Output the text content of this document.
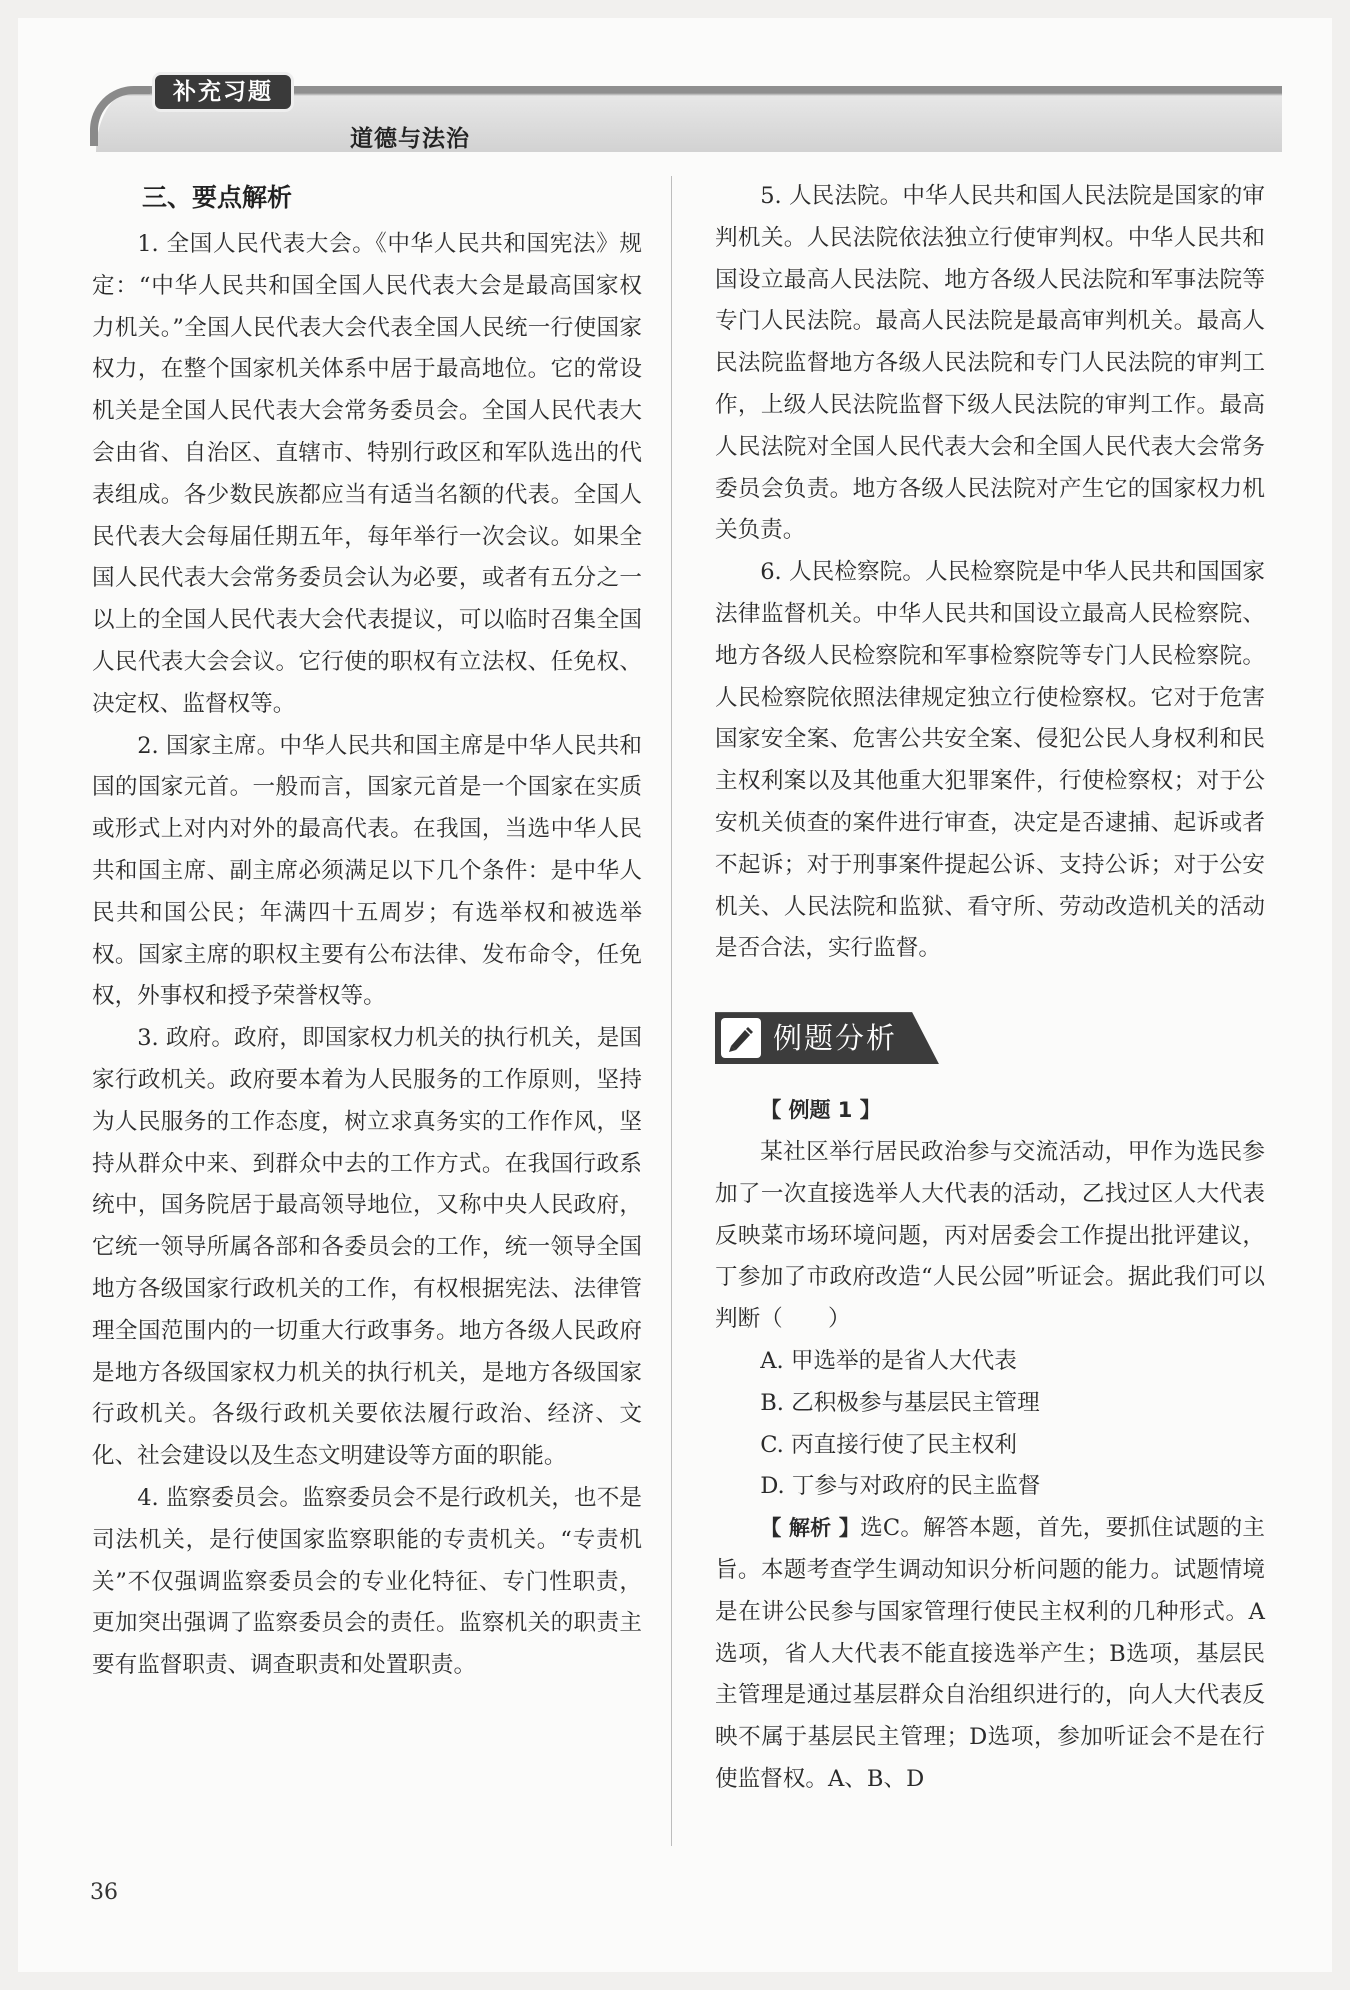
补充习题
道德与法治

三、要点解析

1. 全国人民代表大会。《中华人民共和国宪法》规定：“中华人民共和国全国人民代表大会是最高国家权力机关。”全国人民代表大会代表全国人民统一行使国家权力，在整个国家机关体系中居于最高地位。它的常设机关是全国人民代表大会常务委员会。全国人民代表大会由省、自治区、直辖市、特别行政区和军队选出的代表组成。各少数民族都应当有适当名额的代表。全国人民代表大会每届任期五年，每年举行一次会议。如果全国人民代表大会常务委员会认为必要，或者有五分之一以上的全国人民代表大会代表提议，可以临时召集全国人民代表大会会议。它行使的职权有立法权、任免权、决定权、监督权等。

2. 国家主席。中华人民共和国主席是中华人民共和国的国家元首。一般而言，国家元首是一个国家在实质或形式上对内对外的最高代表。在我国，当选中华人民共和国主席、副主席必须满足以下几个条件：是中华人民共和国公民；年满四十五周岁；有选举权和被选举权。国家主席的职权主要有公布法律、发布命令，任免权，外事权和授予荣誉权等。

3. 政府。政府，即国家权力机关的执行机关，是国家行政机关。政府要本着为人民服务的工作原则，坚持为人民服务的工作态度，树立求真务实的工作作风，坚持从群众中来、到群众中去的工作方式。在我国行政系统中，国务院居于最高领导地位，又称中央人民政府，它统一领导所属各部和各委员会的工作，统一领导全国地方各级国家行政机关的工作，有权根据宪法、法律管理全国范围内的一切重大行政事务。地方各级人民政府是地方各级国家权力机关的执行机关，是地方各级国家行政机关。各级行政机关要依法履行政治、经济、文化、社会建设以及生态文明建设等方面的职能。

4. 监察委员会。监察委员会不是行政机关，也不是司法机关，是行使国家监察职能的专责机关。“专责机关”不仅强调监察委员会的专业化特征、专门性职责，更加突出强调了监察委员会的责任。监察机关的职责主要有监督职责、调查职责和处置职责。

5. 人民法院。中华人民共和国人民法院是国家的审判机关。人民法院依法独立行使审判权。中华人民共和国设立最高人民法院、地方各级人民法院和军事法院等专门人民法院。最高人民法院是最高审判机关。最高人民法院监督地方各级人民法院和专门人民法院的审判工作，上级人民法院监督下级人民法院的审判工作。最高人民法院对全国人民代表大会和全国人民代表大会常务委员会负责。地方各级人民法院对产生它的国家权力机关负责。

6. 人民检察院。人民检察院是中华人民共和国国家法律监督机关。中华人民共和国设立最高人民检察院、地方各级人民检察院和军事检察院等专门人民检察院。人民检察院依照法律规定独立行使检察权。它对于危害国家安全案、危害公共安全案、侵犯公民人身权利和民主权利案以及其他重大犯罪案件，行使检察权；对于公安机关侦查的案件进行审查，决定是否逮捕、起诉或者不起诉；对于刑事案件提起公诉、支持公诉；对于公安机关、人民法院和监狱、看守所、劳动改造机关的活动是否合法，实行监督。

例题分析

【 例题 1 】

某社区举行居民政治参与交流活动，甲作为选民参加了一次直接选举人大代表的活动，乙找过区人大代表反映菜市场环境问题，丙对居委会工作提出批评建议，丁参加了市政府改造“人民公园”听证会。据此我们可以判断（　　）

A. 甲选举的是省人大代表

B. 乙积极参与基层民主管理

C. 丙直接行使了民主权利

D. 丁参与对政府的民主监督

【 解析 】选C。解答本题，首先，要抓住试题的主旨。本题考查学生调动知识分析问题的能力。试题情境是在讲公民参与国家管理行使民主权利的几种形式。A选项，省人大代表不能直接选举产生；B选项，基层民主管理是通过基层群众自治组织进行的，向人大代表反映不属于基层民主管理；D选项，参加听证会不是在行使监督权。A、B、D

36
